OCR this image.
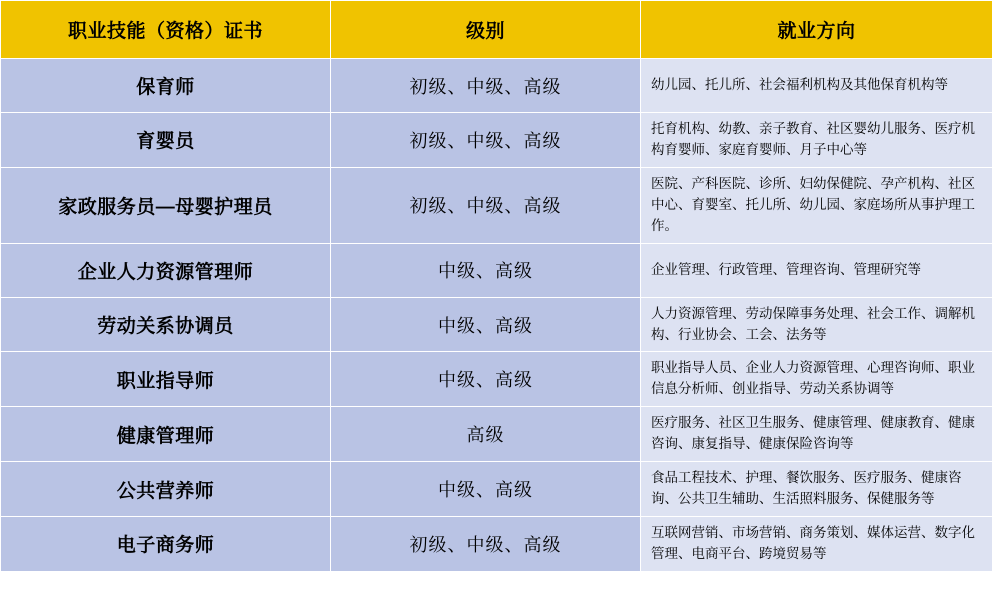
职业技能（资格）证书	级别	就业方向
保育师	初级、中级、高级	幼儿园、托儿所、社会福利机构及其他保育机构等
育婴员	初级、中级、高级	托育机构、幼教、亲子教育、社区婴幼儿服务、医疗机构育婴师、家庭育婴师、月子中心等
家政服务员—母婴护理员	初级、中级、高级	医院、产科医院、诊所、妇幼保健院、孕产机构、社区中心、育婴室、托儿所、幼儿园、家庭场所从事护理工作。
企业人力资源管理师	中级、高级	企业管理、行政管理、管理咨询、管理研究等
劳动关系协调员	中级、高级	人力资源管理、劳动保障事务处理、社会工作、调解机构、行业协会、工会、法务等
职业指导师	中级、高级	职业指导人员、企业人力资源管理、心理咨询师、职业信息分析师、创业指导、劳动关系协调等
健康管理师	高级	医疗服务、社区卫生服务、健康管理、健康教育、健康咨询、康复指导、健康保险咨询等
公共营养师	中级、高级	食品工程技术、护理、餐饮服务、医疗服务、健康咨询、公共卫生辅助、生活照料服务、保健服务等
电子商务师	初级、中级、高级	互联网营销、市场营销、商务策划、媒体运营、数字化管理、电商平台、跨境贸易等
